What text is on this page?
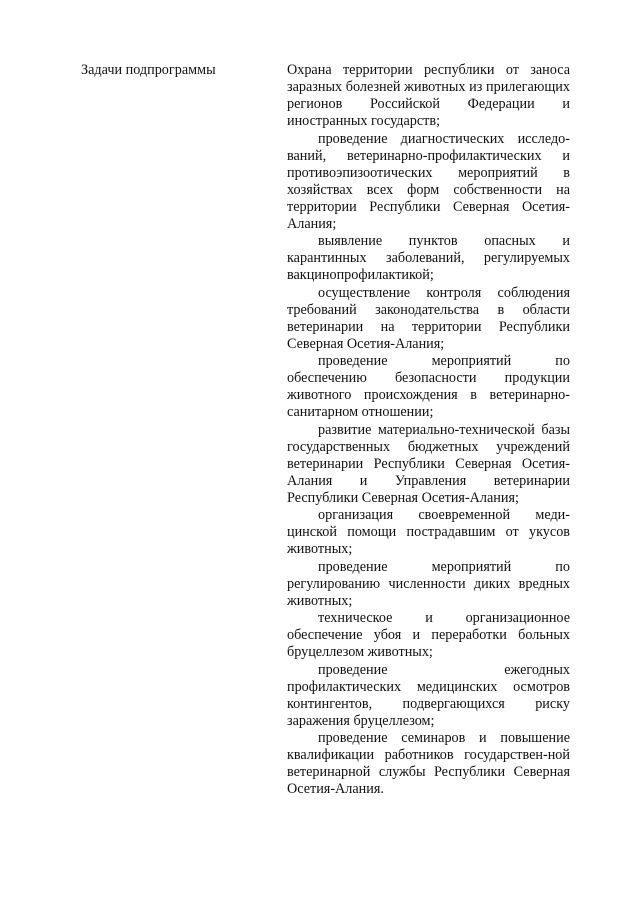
Задачи подпрограммы	Охрана территории республики от заноса заразных болезней животных из прилегающих регионов Российской Федерации и иностранных государств;

проведение диагностических исследо-ваний, ветеринарно-профилактических и противоэпизоотических мероприятий в хозяйствах всех форм собственности на территории Республики Северная Осетия-Алания;

выявление пунктов опасных и карантинных заболеваний, регулируемых вакцинопрофилактикой;

осуществление контроля соблюдения требований законодательства в области ветеринарии на территории Республики Северная Осетия-Алания;

проведение мероприятий по обеспечению безопасности продукции животного происхождения в ветеринарно-санитарном отношении;

развитие материально-технической базы государственных бюджетных учреждений ветеринарии Республики Северная Осетия-Алания и Управления ветеринарии Республики Северная Осетия-Алания;

организация своевременной меди-цинской помощи пострадавшим от укусов животных;

проведение мероприятий по регулированию численности диких вредных животных;

техническое и организационное обеспечение убоя и переработки больных бруцеллезом животных;

проведение ежегодных профилактических медицинских осмотров контингентов, подвергающихся риску заражения бруцеллезом;

проведение семинаров и повышение квалификации работников государствен-ной ветеринарной службы Республики Северная Осетия-Алания.
